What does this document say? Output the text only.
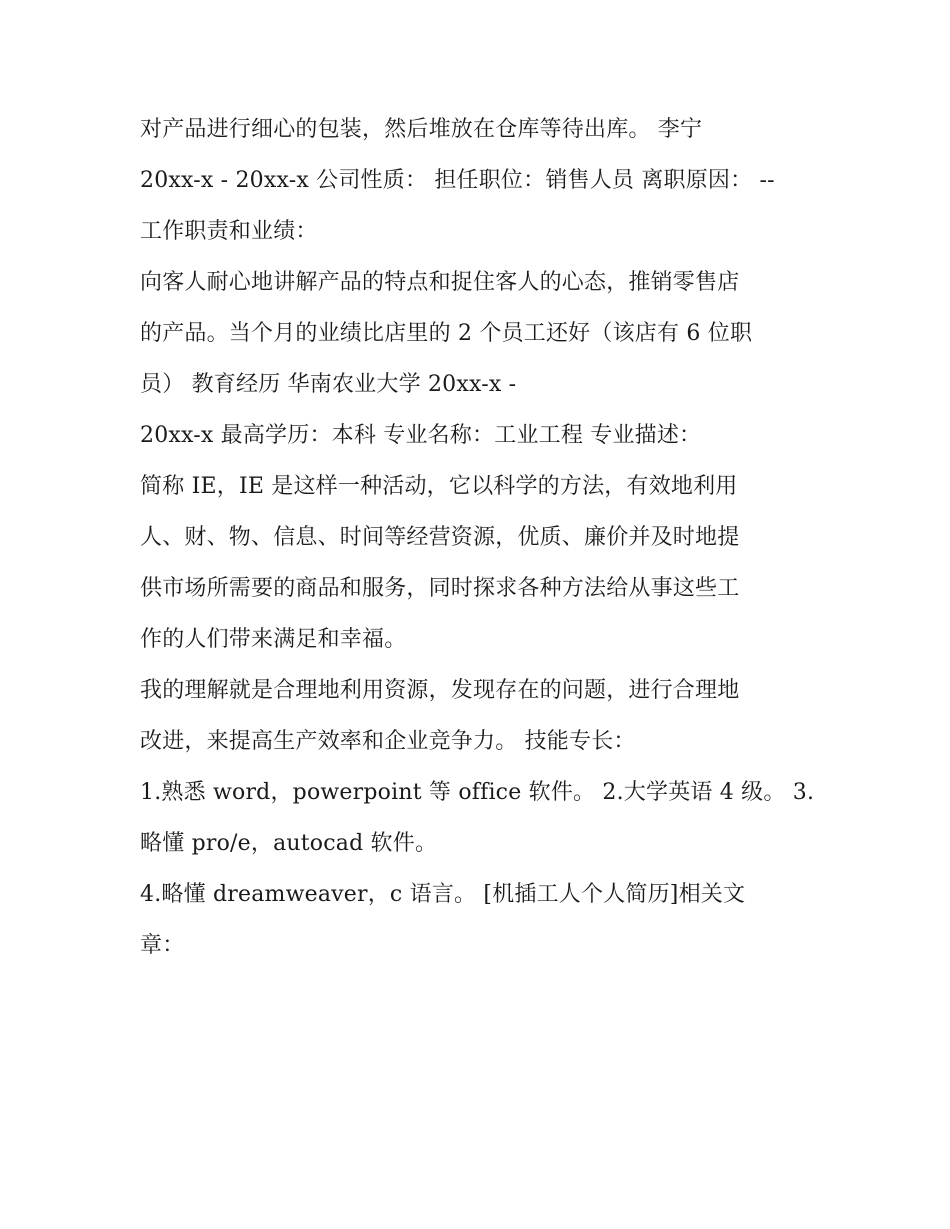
对产品进行细心的包装，然后堆放在仓库等待出库。 李宁
20xx-x - 20xx-x 公司性质： 担任职位：销售人员 离职原因： --
工作职责和业绩：
向客人耐心地讲解产品的特点和捉住客人的心态，推销零售店
的产品。当个月的业绩比店里的 2 个员工还好（该店有 6 位职
员） 教育经历 华南农业大学 20xx-x -
20xx-x 最高学历：本科 专业名称：工业工程 专业描述：
简称 IE，IE 是这样一种活动，它以科学的方法，有效地利用
人、财、物、信息、时间等经营资源，优质、廉价并及时地提
供市场所需要的商品和服务，同时探求各种方法给从事这些工
作的人们带来满足和幸福。
我的理解就是合理地利用资源，发现存在的问题，进行合理地
改进，来提高生产效率和企业竞争力。 技能专长：
1.熟悉 word，powerpoint 等 office 软件。 2.大学英语 4 级。 3.
略懂 pro/e，autocad 软件。
4.略懂 dreamweaver，c 语言。 [机插工人个人简历]相关文
章：
